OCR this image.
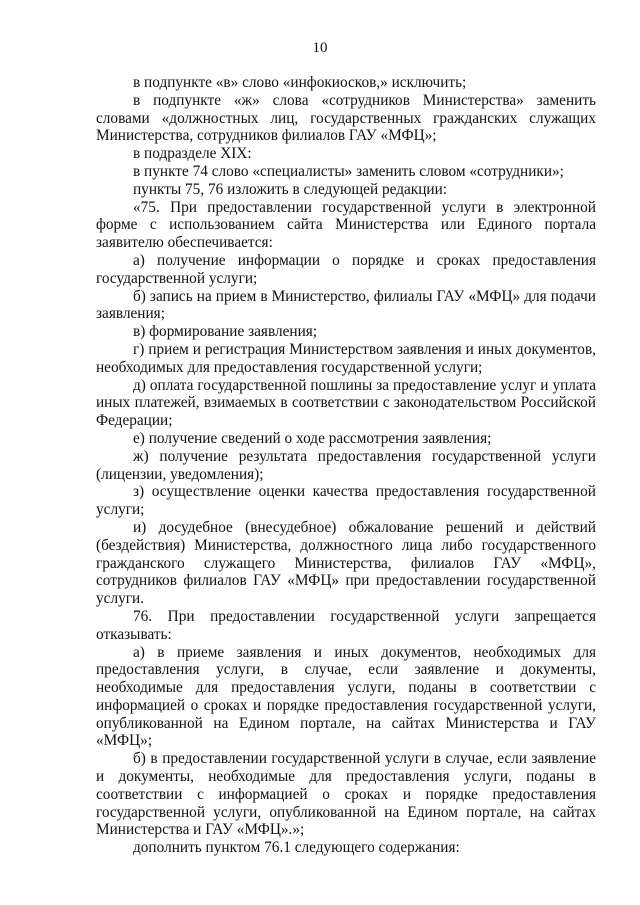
10

в подпункте «в» слово «инфокиосков,» исключить;

в подпункте «ж» слова «сотрудников Министерства» заменить словами «должностных лиц, государственных гражданских служащих Министерства, сотрудников филиалов ГАУ «МФЦ»;

в подразделе XIX:

в пункте 74 слово «специалисты» заменить словом «сотрудники»;

пункты 75, 76 изложить в следующей редакции:

«75. При предоставлении государственной услуги в электронной форме с использованием сайта Министерства или Единого портала заявителю обеспечивается:

а) получение информации о порядке и сроках предоставления государственной услуги;

б) запись на прием в Министерство, филиалы ГАУ «МФЦ» для подачи заявления;

в) формирование заявления;

г) прием и регистрация Министерством заявления и иных документов, необходимых для предоставления государственной услуги;

д) оплата государственной пошлины за предоставление услуг и уплата иных платежей, взимаемых в соответствии с законодательством Российской Федерации;

е) получение сведений о ходе рассмотрения заявления;

ж) получение результата предоставления государственной услуги (лицензии, уведомления);

з) осуществление оценки качества предоставления государственной услуги;

и) досудебное (внесудебное) обжалование решений и действий (бездействия) Министерства, должностного лица либо государственного гражданского служащего Министерства, филиалов ГАУ «МФЦ», сотрудников филиалов ГАУ «МФЦ» при предоставлении государственной услуги.

76. При предоставлении государственной услуги запрещается отказывать:

а) в приеме заявления и иных документов, необходимых для предоставления услуги, в случае, если заявление и документы, необходимые для предоставления услуги, поданы в соответствии с информацией о сроках и порядке предоставления государственной услуги, опубликованной на Едином портале, на сайтах Министерства и ГАУ «МФЦ»;

б) в предоставлении государственной услуги в случае, если заявление и документы, необходимые для предоставления услуги, поданы в соответствии с информацией о сроках и порядке предоставления государственной услуги, опубликованной на Едином портале, на сайтах Министерства и ГАУ «МФЦ».»;

дополнить пунктом 76.1 следующего содержания:
